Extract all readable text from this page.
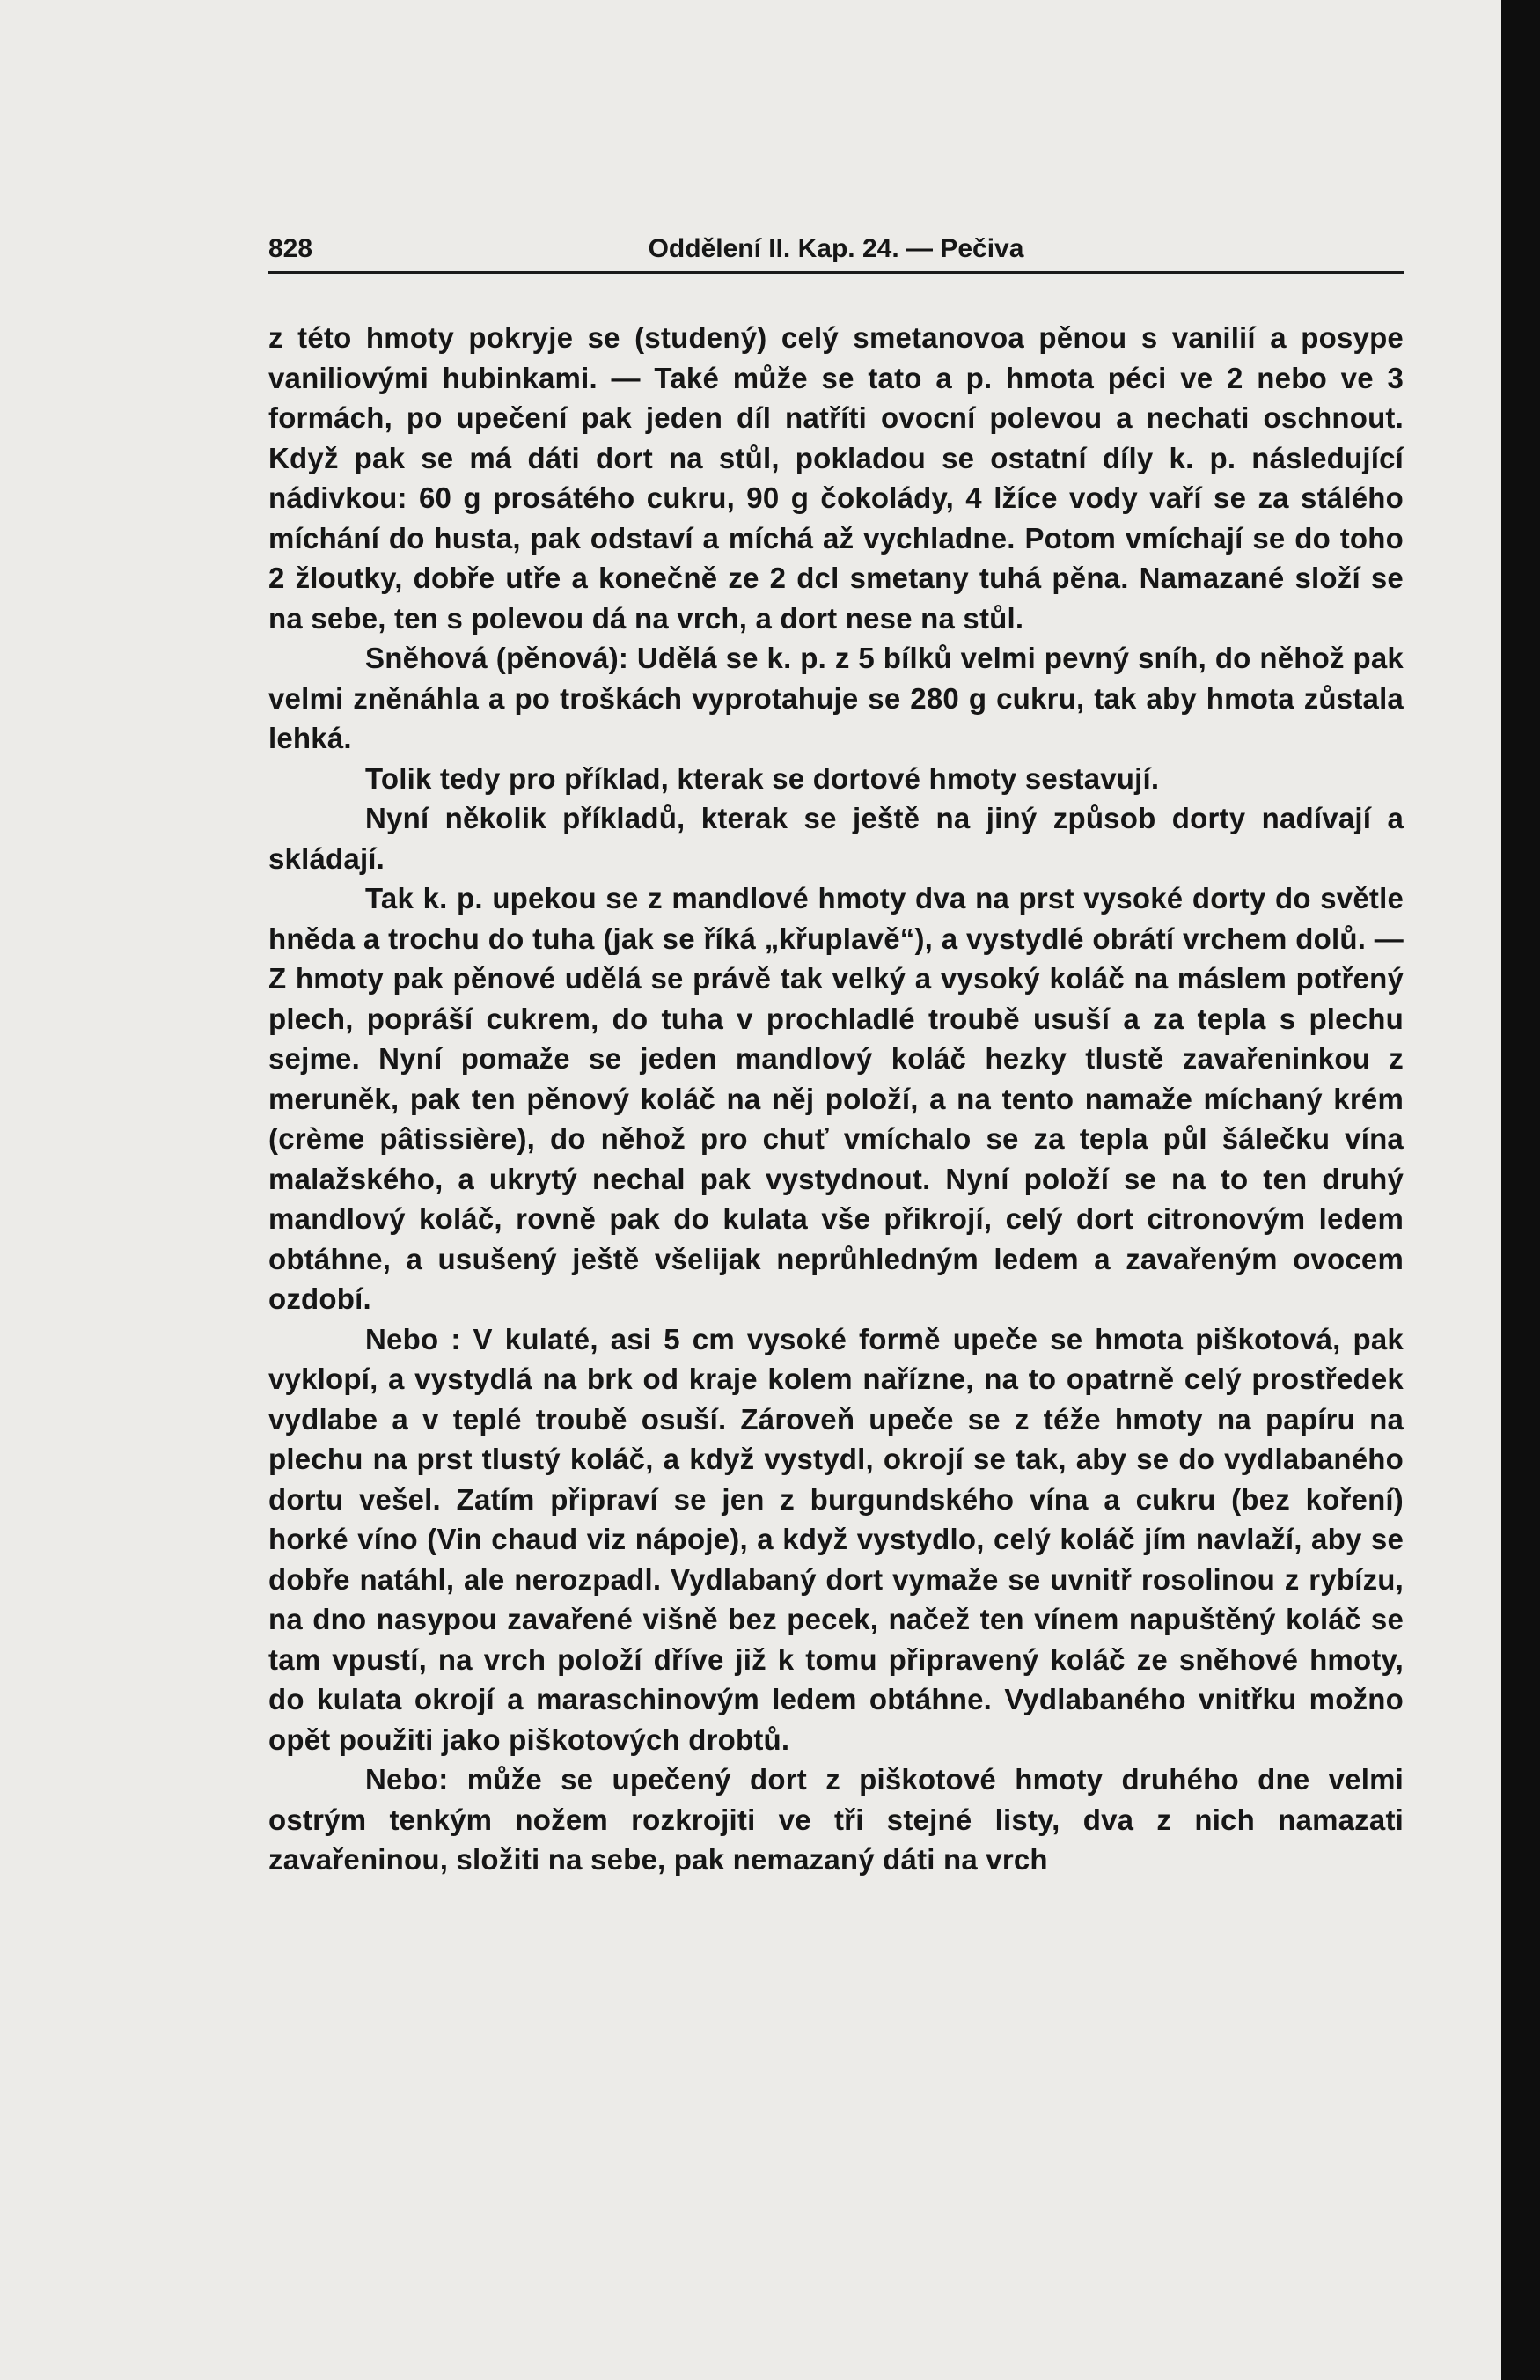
828	Oddělení II. Kap. 24. — Pečiva

z této hmoty pokryje se (studený) celý smetanovoa pěnou s vanilií a posype vaniliovými hubinkami. — Také může se tato a p. hmota péci ve 2 nebo ve 3 formách, po upečení pak jeden díl natříti ovocní polevou a nechati oschnout. Když pak se má dáti dort na stůl, pokladou se ostatní díly k. p. následující nádivkou: 60 g prosátého cukru, 90 g čokolády, 4 lžíce vody vaří se za stálého míchání do husta, pak odstaví a míchá až vychladne. Potom vmíchají se do toho 2 žloutky, dobře utře a konečně ze 2 dcl smetany tuhá pěna. Namazané složí se na sebe, ten s polevou dá na vrch, a dort nese na stůl.

Sněhová (pěnová): Udělá se k. p. z 5 bílků velmi pevný sníh, do něhož pak velmi zněnáhla a po troškách vyprotahuje se 280 g cukru, tak aby hmota zůstala lehká.

Tolik tedy pro příklad, kterak se dortové hmoty sestavují.

Nyní několik příkladů, kterak se ještě na jiný způsob dorty nadívají a skládají.

Tak k. p. upekou se z mandlové hmoty dva na prst vysoké dorty do světle hněda a trochu do tuha (jak se říká „křuplavě“), a vystydlé obrátí vrchem dolů. — Z hmoty pak pěnové udělá se právě tak velký a vysoký koláč na máslem potřený plech, popráší cukrem, do tuha v prochladlé troubě usuší a za tepla s plechu sejme. Nyní pomaže se jeden mandlový koláč hezky tlustě zavařeninkou z meruněk, pak ten pěnový koláč na něj položí, a na tento namaže míchaný krém (crème pâtissière), do něhož pro chuť vmíchalo se za tepla půl šálečku vína malažského, a ukrytý nechal pak vystydnout. Nyní položí se na to ten druhý mandlový koláč, rovně pak do kulata vše přikrojí, celý dort citronovým ledem obtáhne, a usušený ještě všelijak neprůhledným ledem a zavařeným ovocem ozdobí.

Nebo : V kulaté, asi 5 cm vysoké formě upeče se hmota piškotová, pak vyklopí, a vystydlá na brk od kraje kolem nařízne, na to opatrně celý prostředek vydlabe a v teplé troubě osuší. Zároveň upeče se z téže hmoty na papíru na plechu na prst tlustý koláč, a když vystydl, okrojí se tak, aby se do vydlabaného dortu vešel. Zatím připraví se jen z burgundského vína a cukru (bez koření) horké víno (Vin chaud viz nápoje), a když vystydlo, celý koláč jím navlaží, aby se dobře natáhl, ale nerozpadl. Vydlabaný dort vymaže se uvnitř rosolinou z rybízu, na dno nasypou zavařené višně bez pecek, načež ten vínem napuštěný koláč se tam vpustí, na vrch položí dříve již k tomu připravený koláč ze sněhové hmoty, do kulata okrojí a maraschinovým ledem obtáhne. Vydlabaného vnitřku možno opět použiti jako piškotových drobtů.

Nebo: může se upečený dort z piškotové hmoty druhého dne velmi ostrým tenkým nožem rozkrojiti ve tři stejné listy, dva z nich namazati zavařeninou, složiti na sebe, pak nemazaný dáti na vrch
